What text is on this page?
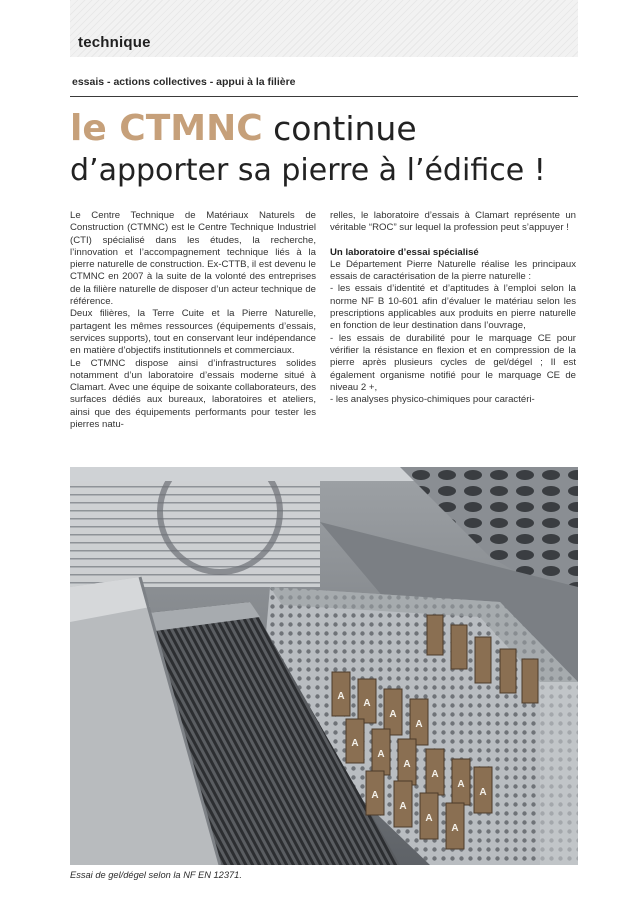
technique
essais - actions collectives - appui à la filière
le CTMNC continue
d’apporter sa pierre à l’édifice !

Le Centre Technique de Matériaux Naturels de Construction (CTMNC) est le Centre Technique Industriel (CTI) spécialisé dans les études, la recherche, l’innovation et l’accompagnement technique liés à la pierre naturelle de construction. Ex-CTTB, il est devenu le CTMNC en 2007 à la suite de la volonté des entreprises de la filière naturelle de disposer d’un acteur technique de référence.

Deux filières, la Terre Cuite et la Pierre Naturelle, partagent les mêmes ressources (équipements d’essais, services supports), tout en conservant leur indépendance en matière d’objectifs institutionnels et commerciaux.

Le CTMNC dispose ainsi d’infrastructures solides notamment d’un laboratoire d’essais moderne situé à Clamart. Avec une équipe de soixante collaborateurs, des surfaces dédiés aux bureaux, laboratoires et ateliers, ainsi que des équipements performants pour tester les pierres natu-

relles, le laboratoire d’essais à Clamart représente un véritable “ROC” sur lequel la profession peut s’appuyer !

Un laboratoire d’essai spécialisé

Le Département Pierre Naturelle réalise les principaux essais de caractérisation de la pierre naturelle :

- les essais d’identité et d’aptitudes à l’emploi selon la norme NF B 10-601 afin d’évaluer le matériau selon les prescriptions applicables aux produits en pierre naturelle en fonction de leur destination dans l’ouvrage,

- les essais de durabilité pour le marquage CE pour vérifier la résistance en flexion et en compression de la pierre après plusieurs cycles de gel/dégel ; Il est également organisme notifié pour le marquage CE de niveau 2 +,

- les analyses physico-chimiques pour caractéri-

A
A
A
A
A
A
A
A
A
A
A
A
A
A
Essai de gel/dégel selon la NF EN 12371.
